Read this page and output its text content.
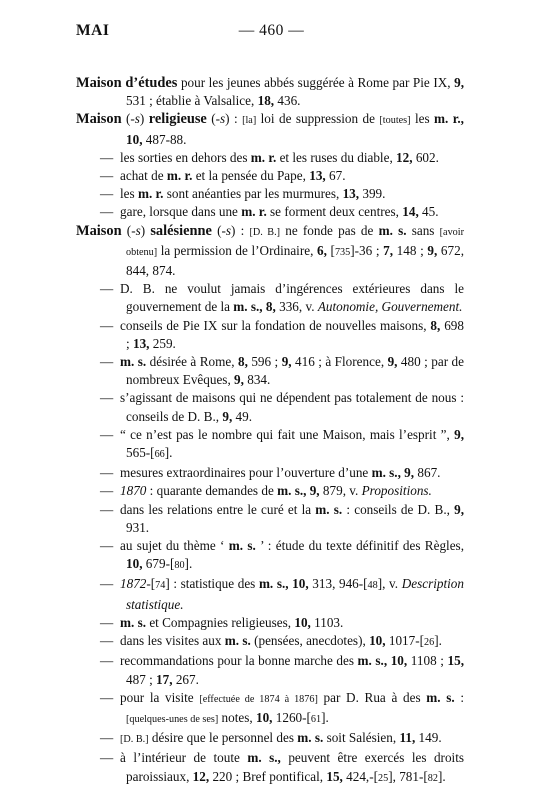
MAI	— 460 —
Maison d’études pour les jeunes abbés suggérée à Rome par Pie IX, 9, 531 ; établie à Valsalice, 18, 436.
Maison (-s) religieuse (-s) : [la] loi de suppression de [toutes] les m. r., 10, 487-88.
— les sorties en dehors des m. r. et les ruses du diable, 12, 602.
— achat de m. r. et la pensée du Pape, 13, 67.
— les m. r. sont anéanties par les murmures, 13, 399.
— gare, lorsque dans une m. r. se forment deux centres, 14, 45.
Maison (-s) salésienne (-s) : [D. B.] ne fonde pas de m. s. sans [avoir obtenu] la permission de l’Ordinaire, 6, [735]-36 ; 7, 148 ; 9, 672, 844, 874.
— D. B. ne voulut jamais d’ingérences extérieures dans le gouvernement de la m. s., 8, 336, v. Autonomie, Gouvernement.
— conseils de Pie IX sur la fondation de nouvelles maisons, 8, 698 ; 13, 259.
— m. s. désirée à Rome, 8, 596 ; 9, 416 ; à Florence, 9, 480 ; par de nombreux Evêques, 9, 834.
— s’agissant de maisons qui ne dépendent pas totalement de nous : conseils de D. B., 9, 49.
— “ ce n’est pas le nombre qui fait une Maison, mais l’esprit ”, 9, 565-[66].
— mesures extraordinaires pour l’ouverture d’une m. s., 9, 867.
— 1870 : quarante demandes de m. s., 9, 879, v. Propositions.
— dans les relations entre le curé et la m. s. : conseils de D. B., 9, 931.
— au sujet du thème ‘ m. s. ’ : étude du texte définitif des Règles, 10, 679-[80].
— 1872-[74] : statistique des m. s., 10, 313, 946-[48], v. Description statistique.
— m. s. et Compagnies religieuses, 10, 1103.
— dans les visites aux m. s. (pensées, anecdotes), 10, 1017-[26].
— recommandations pour la bonne marche des m. s., 10, 1108 ; 15, 487 ; 17, 267.
— pour la visite [effectuée de 1874 à 1876] par D. Rua à des m. s. : [quelques-unes de ses] notes, 10, 1260-[61].
— [D. B.] désire que le personnel des m. s. soit Salésien, 11, 149.
— à l’intérieur de toute m. s., peuvent être exercés les droits paroissiaux, 12, 220 ; Bref pontifical, 15, 424,-[25], 781-[82].
